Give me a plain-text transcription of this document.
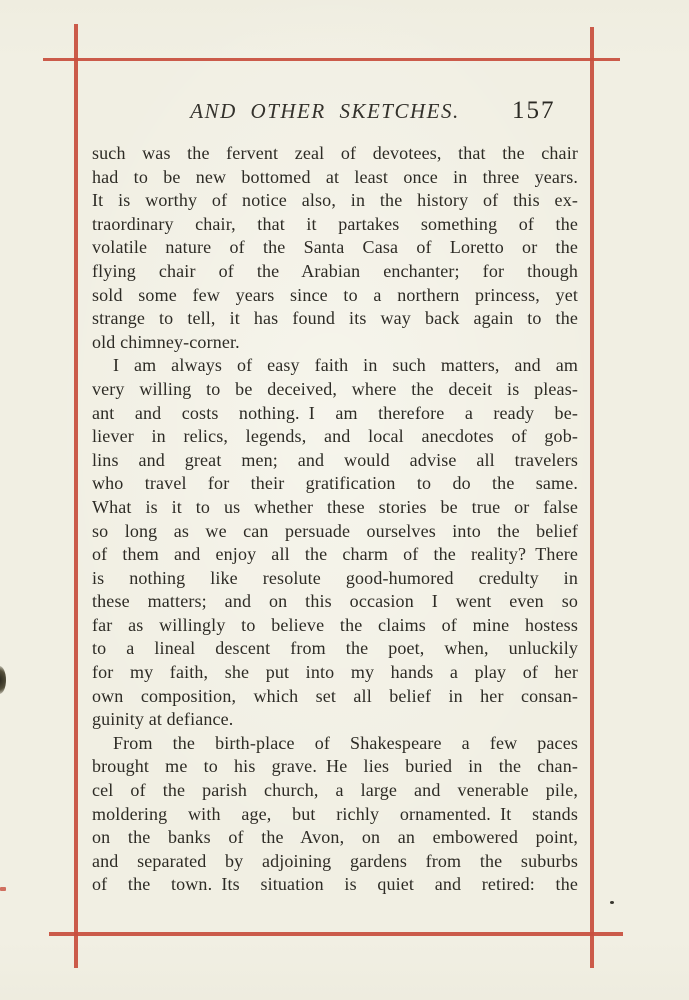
AND OTHER SKETCHES.	157
such was the fervent zeal of devotees, that the chair
had to be new bottomed at least once in three years.
It is worthy of notice also, in the history of this ex-
traordinary chair, that it partakes something of the
volatile nature of the Santa Casa of Loretto or the
flying chair of the Arabian enchanter; for though
sold some few years since to a northern princess, yet
strange to tell, it has found its way back again to the
old chimney-corner.
I am always of easy faith in such matters, and am
very willing to be deceived, where the deceit is pleas-
ant and costs nothing. I am therefore a ready be-
liever in relics, legends, and local anecdotes of gob-
lins and great men; and would advise all travelers
who travel for their gratification to do the same.
What is it to us whether these stories be true or false
so long as we can persuade ourselves into the belief
of them and enjoy all the charm of the reality? There
is nothing like resolute good-humored credulty in
these matters; and on this occasion I went even so
far as willingly to believe the claims of mine hostess
to a lineal descent from the poet, when, unluckily
for my faith, she put into my hands a play of her
own composition, which set all belief in her consan-
guinity at defiance.
From the birth-place of Shakespeare a few paces
brought me to his grave. He lies buried in the chan-
cel of the parish church, a large and venerable pile,
moldering with age, but richly ornamented. It stands
on the banks of the Avon, on an embowered point,
and separated by adjoining gardens from the suburbs
of the town. Its situation is quiet and retired: the
